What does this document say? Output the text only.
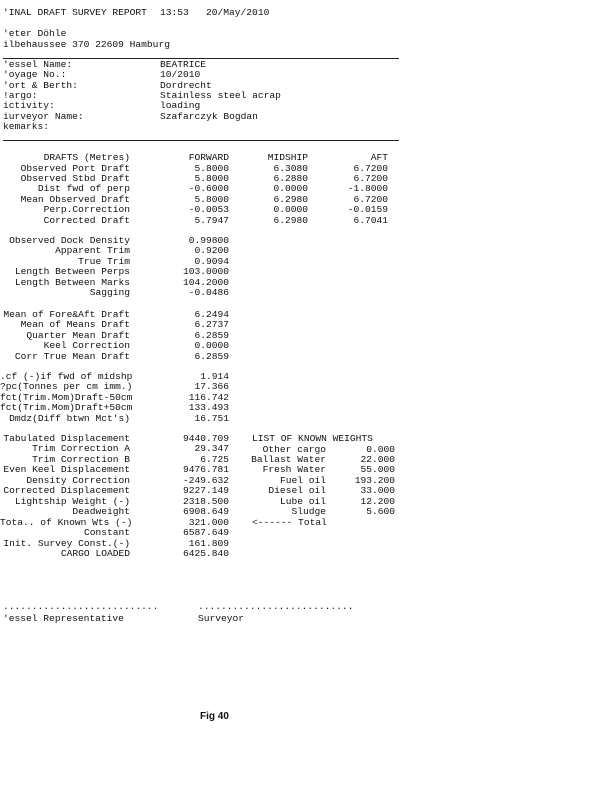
'INAL DRAFT SURVEY REPORT 13:53 20/May/2010
'eter Döhle
ilbehaussee 370 22609 Hamburg
'essel Name:	BEATRICE
'oyage No.:	10/2010
'ort & Berth:	Dordrecht
!argo:	Stainless steel acrap
ictivity:	loading
iurveyor Name:	Szafarczyk Bogdan
kemarks:
DRAFTS (Metres)	FORWARD	MIDSHIP	AFT
Observed Port Draft	5.8000	6.3080	6.7200
Observed Stbd Draft	5.8000	6.2880	6.7200
Dist fwd of perp	-0.6000	0.0000	-1.8000
Mean Observed Draft	5.8000	6.2980	6.7200
Perp.Correction	-0.0053	0.0000	-0.0159
Corrected Draft	5.7947	6.2980	6.7041
Observed Dock Density	0.99800
Apparent Trim	0.9200
True Trim	0.9094
Length Between Perps	103.0000
Length Between Marks	104.2000
Sagging	-0.0486
Mean of Fore&Aft Draft	6.2494
Mean of Means Draft	6.2737
Quarter Mean Draft	6.2859
Keel Correction	0.0000
Corr True Mean Draft	6.2859
.cf (-)if fwd of midshp	1.914
?pc(Tonnes per cm imm.)	17.366
fct(Trim.Mom)Draft-50cm	116.742
fct(Trim.Mom)Draft+50cm	133.493
Dmdz(Diff btwn Mct's)	16.751
Tabulated Displacement	9440.709
Trim Correction A	29.347
Trim Correction B	6.725
Even Keel Displacement	9476.781
Density Correction	-249.632
Corrected Displacement	9227.149
Lightship Weight (-)	2318.500
Deadweight	6908.649
Tota.. of Known Wts (-)	321.000
Constant	6587.649
Init. Survey Const.(-)	161.809
CARGO LOADED	6425.840
LIST OF KNOWN WEIGHTS
Other cargo	0.000
Ballast Water	22.000
Fresh Water	55.000
Fuel oil	193.200
Diesel oil	33.000
Lube oil	12.200
Sludge	5.600
<------ Total
...........................	...........................
'essel Representative	Surveyor
Fig 40
